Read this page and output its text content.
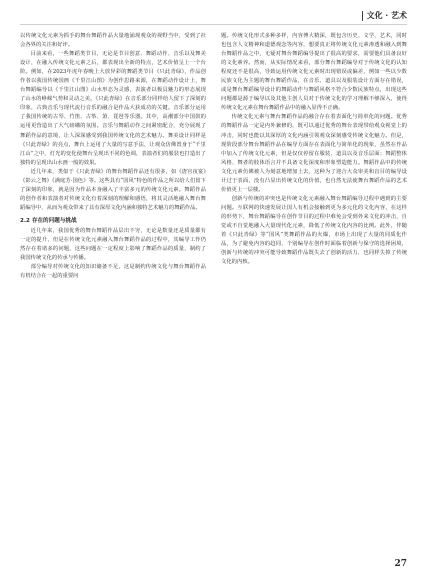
文化 · 艺术

以传统文化元素为抓手的舞台舞蹈作品大量地涌现观众的视野当中，受到了社会各界的关注和好评。

目前来看，一些舞蹈类节目，无论是节目创意、舞蹈动作、音乐以及舞美设计，在融入传统文化元素之后，都表现出全新的特点，艺术价值呈上一个台阶。例如，在2023年虎年春晚上大放异彩的舞蹈类节目《只此青绿》，作品创作者以我国传统国画《千里江山图》为创作思路来源，在舞蹈动作设计上，舞台舞蹈编导以《千里江山图》山水形态为灵感，表演者以极具魅力的形态展现了山水的峥嵘气势和灵动之美。《只此青绿》在音乐部分同样给人留下了深刻的印象，古典音乐与现代流行音乐的融合是作品大获成功的关键。音乐部分运用了我国传统的古琴、竹笛、古筝、箫、琵琶等乐器。其中，高潮部分中国鼓的运用更营造出了大气磅礴的氛围。音乐与舞蹈动作之间紧密配合，充分展现了舞蹈作品的意境，让人深深感受到我国传统文化的艺术魅力。舞美设计同样是《只此青绿》的亮点，舞台上运用了大量的写意手法，让观众仿佛置身于“千里江山”之中，灯光的变化使舞台呈现出不同的色调，表演者们的服装也打造出了独特的呈现出山水画一般的效果。

近几年来，类似于《只此青绿》的舞台舞蹈作品还有很多，如《唐宫夜宴》《影云之舞》《满庭芳·国色》等。这些具有“国风”特色的作品之所以给人们留下了深刻的印象，就是因为作品本身融入了丰富多元的传统文化元素。舞蹈作品的创作者和表演者对传统文化有着深刻的理解和感悟，将其灵活地融入舞台舞蹈编导中，从而为观众带来了具有深厚文化内涵和独特艺术魅力的舞蹈作品。

2.2 存在的问题与挑战

近几年来，我国优秀的舞台舞蹈作品层出不穷，无论是数量还是质量都有一定的提升，但是在传统文化元素融入舞台舞蹈作品的过程中，其编导工作仍然存在着诸多的问题，这些问题在一定程度上影响了舞蹈作品的质量，制约了我国传统文化的传承与传播。

部分编导对传统文化的知识储备不足，这是制约传统文化与舞台舞蹈作品有机结合在一起的重要问

题。传统文化形式多种多样，内容博大精深，既包含历史、文学、艺术，同时也包含人文精神和道德观念等内容，想要真正将传统文化元素渗透和融入到舞台舞蹈作品之中，无疑对舞台舞蹈编导提出了很高的要求，需要他们具备良好的文化素养。然而，从实际情况来看，部分舞台舞蹈编导对于传统文化的认知程度还不是很高，导致运用传统文化元素时出现错误或偏差，例如一些以少数民族文化为主题的舞台舞蹈作品，在音乐、道具以及服装设计方面存在错误，或是舞台舞蹈编导设计的舞蹈动作与舞蹈风格不符合少数民族特点，出现这些问题都是源于编导以及其他主创人员对于传统文化的学习理解不够深入，使得传统文化元素在舞台舞蹈作品中的融入显得不正确。

传统文化元素与舞台舞蹈作品的融合存在着表面化与简单化的问题。优秀的舞蹈作品一定是内外兼修的，既可以通过优秀的舞台表现带给观众视觉上的冲击，同时也能以其深厚的文化内涵引领观众深刻感受传统文化魅力。但是，现阶段部分舞台舞蹈作品在编导方面存在表面化与简单化的现象，虽然在作品中加入了传统文化元素，但是仅仅停留在服装、道具以及音乐层面；舞蹈整体风格、舞者的肢体语言并不具备文化深度和形象塑造能力。舞蹈作品中的传统文化元素仿佛被人为刻意地增加上去，这种为了迎合大众审美和盲目的编导设计过于表面，没有凸显出传统文化的价值，也自然无法使舞台舞蹈作品的艺术价值更上一层楼。

创新与传统的冲突也是传统文化元素融入舞台舞蹈编导过程中遇到的主要问题。互联网的快速发展让国人有机会接触到更为多元化的文化内容，在这样的形势下，舞台舞蹈编导在创作节目的过程中难免会受到外来文化的冲击，自觉或不自觉地融入大量现代化元素，降低了传统文化内容的比例。此外，伴随着《只此青绿》等“国风”类舞蹈作品的火爆，市场上出现了大量的同质化作品，为了避免内容的趋同，个别编导在创作时面临着创新与保守的选择困境，创新与传统的冲突可能导致舞蹈作品既失去了创新的活力，也同样失掉了传统文化的内核。

27
